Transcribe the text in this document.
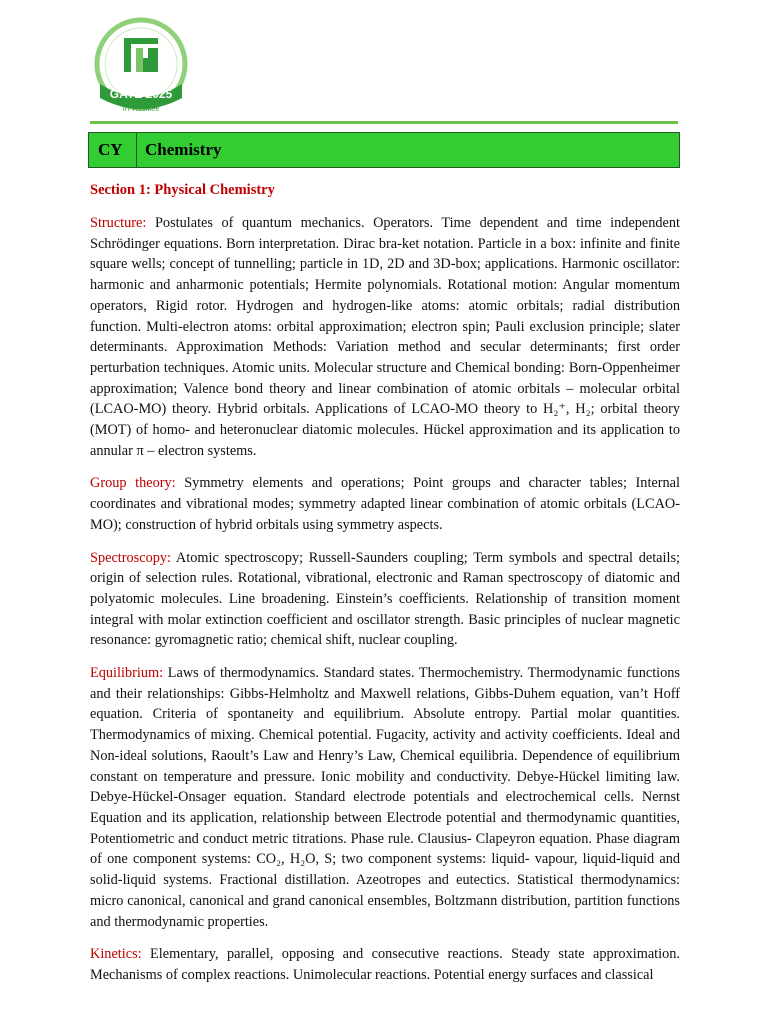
GATE 2025
IIT Roorkee
CY	Chemistry
Section 1: Physical Chemistry

Structure: Postulates of quantum mechanics. Operators. Time dependent and time independent Schrödinger equations. Born interpretation. Dirac bra-ket notation. Particle in a box: infinite and finite square wells; concept of tunnelling; particle in 1D, 2D and 3D-box; applications. Harmonic oscillator: harmonic and anharmonic potentials; Hermite polynomials. Rotational motion: Angular momentum operators, Rigid rotor. Hydrogen and hydrogen-like atoms: atomic orbitals; radial distribution function. Multi-electron atoms: orbital approximation; electron spin; Pauli exclusion principle; slater determinants. Approximation Methods: Variation method and secular determinants; first order perturbation techniques. Atomic units. Molecular structure and Chemical bonding: Born-Oppenheimer approximation; Valence bond theory and linear combination of atomic orbitals – molecular orbital (LCAO-MO) theory. Hybrid orbitals. Applications of LCAO-MO theory to H₂⁺, H₂; orbital theory (MOT) of homo- and heteronuclear diatomic molecules. Hückel approximation and its application to annular π – electron systems.

Group theory: Symmetry elements and operations; Point groups and character tables; Internal coordinates and vibrational modes; symmetry adapted linear combination of atomic orbitals (LCAO-MO); construction of hybrid orbitals using symmetry aspects.

Spectroscopy: Atomic spectroscopy; Russell-Saunders coupling; Term symbols and spectral details; origin of selection rules. Rotational, vibrational, electronic and Raman spectroscopy of diatomic and polyatomic molecules. Line broadening. Einstein’s coefficients. Relationship of transition moment integral with molar extinction coefficient and oscillator strength. Basic principles of nuclear magnetic resonance: gyromagnetic ratio; chemical shift, nuclear coupling.

Equilibrium: Laws of thermodynamics. Standard states. Thermochemistry. Thermodynamic functions and their relationships: Gibbs-Helmholtz and Maxwell relations, Gibbs-Duhem equation, van’t Hoff equation. Criteria of spontaneity and equilibrium. Absolute entropy. Partial molar quantities. Thermodynamics of mixing. Chemical potential. Fugacity, activity and activity coefficients. Ideal and Non-ideal solutions, Raoult’s Law and Henry’s Law, Chemical equilibria. Dependence of equilibrium constant on temperature and pressure. Ionic mobility and conductivity. Debye-Hückel limiting law. Debye-Hückel-Onsager equation. Standard electrode potentials and electrochemical cells. Nernst Equation and its application, relationship between Electrode potential and thermodynamic quantities, Potentiometric and conduct metric titrations. Phase rule. Clausius- Clapeyron equation. Phase diagram of one component systems: CO₂, H₂O, S; two component systems: liquid- vapour, liquid-liquid and solid-liquid systems. Fractional distillation. Azeotropes and eutectics. Statistical thermodynamics: micro canonical, canonical and grand canonical ensembles, Boltzmann distribution, partition functions and thermodynamic properties.

Kinetics: Elementary, parallel, opposing and consecutive reactions. Steady state approximation. Mechanisms of complex reactions. Unimolecular reactions. Potential energy surfaces and classical
